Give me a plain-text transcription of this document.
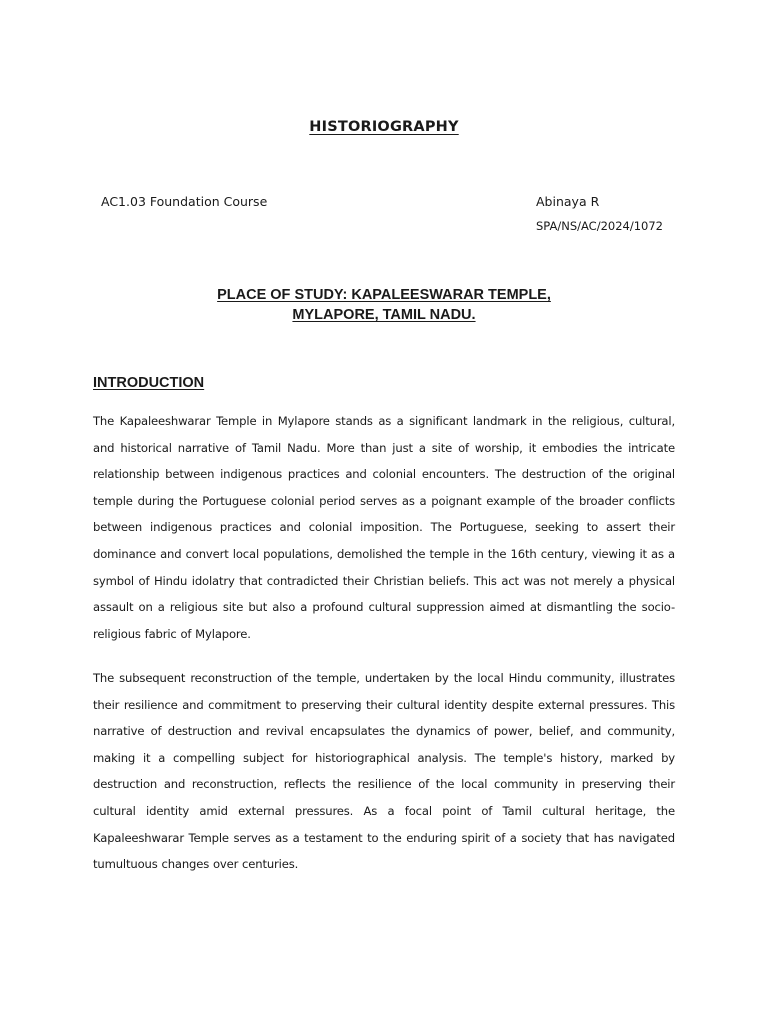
HISTORIOGRAPHY
AC1.03 Foundation Course	Abinaya R
SPA/NS/AC/2024/1072
PLACE OF STUDY: KAPALEESWARAR TEMPLE,
MYLAPORE, TAMIL NADU.
INTRODUCTION

The Kapaleeshwarar Temple in Mylapore stands as a significant landmark in the religious, cultural, and historical narrative of Tamil Nadu. More than just a site of worship, it embodies the intricate relationship between indigenous practices and colonial encounters. The destruction of the original temple during the Portuguese colonial period serves as a poignant example of the broader conflicts between indigenous practices and colonial imposition. The Portuguese, seeking to assert their dominance and convert local populations, demolished the temple in the 16th century, viewing it as a symbol of Hindu idolatry that contradicted their Christian beliefs. This act was not merely a physical assault on a religious site but also a profound cultural suppression aimed at dismantling the socio-religious fabric of Mylapore.

The subsequent reconstruction of the temple, undertaken by the local Hindu community, illustrates their resilience and commitment to preserving their cultural identity despite external pressures. This narrative of destruction and revival encapsulates the dynamics of power, belief, and community, making it a compelling subject for historiographical analysis. The temple's history, marked by destruction and reconstruction, reflects the resilience of the local community in preserving their cultural identity amid external pressures. As a focal point of Tamil cultural heritage, the Kapaleeshwarar Temple serves as a testament to the enduring spirit of a society that has navigated tumultuous changes over centuries.
